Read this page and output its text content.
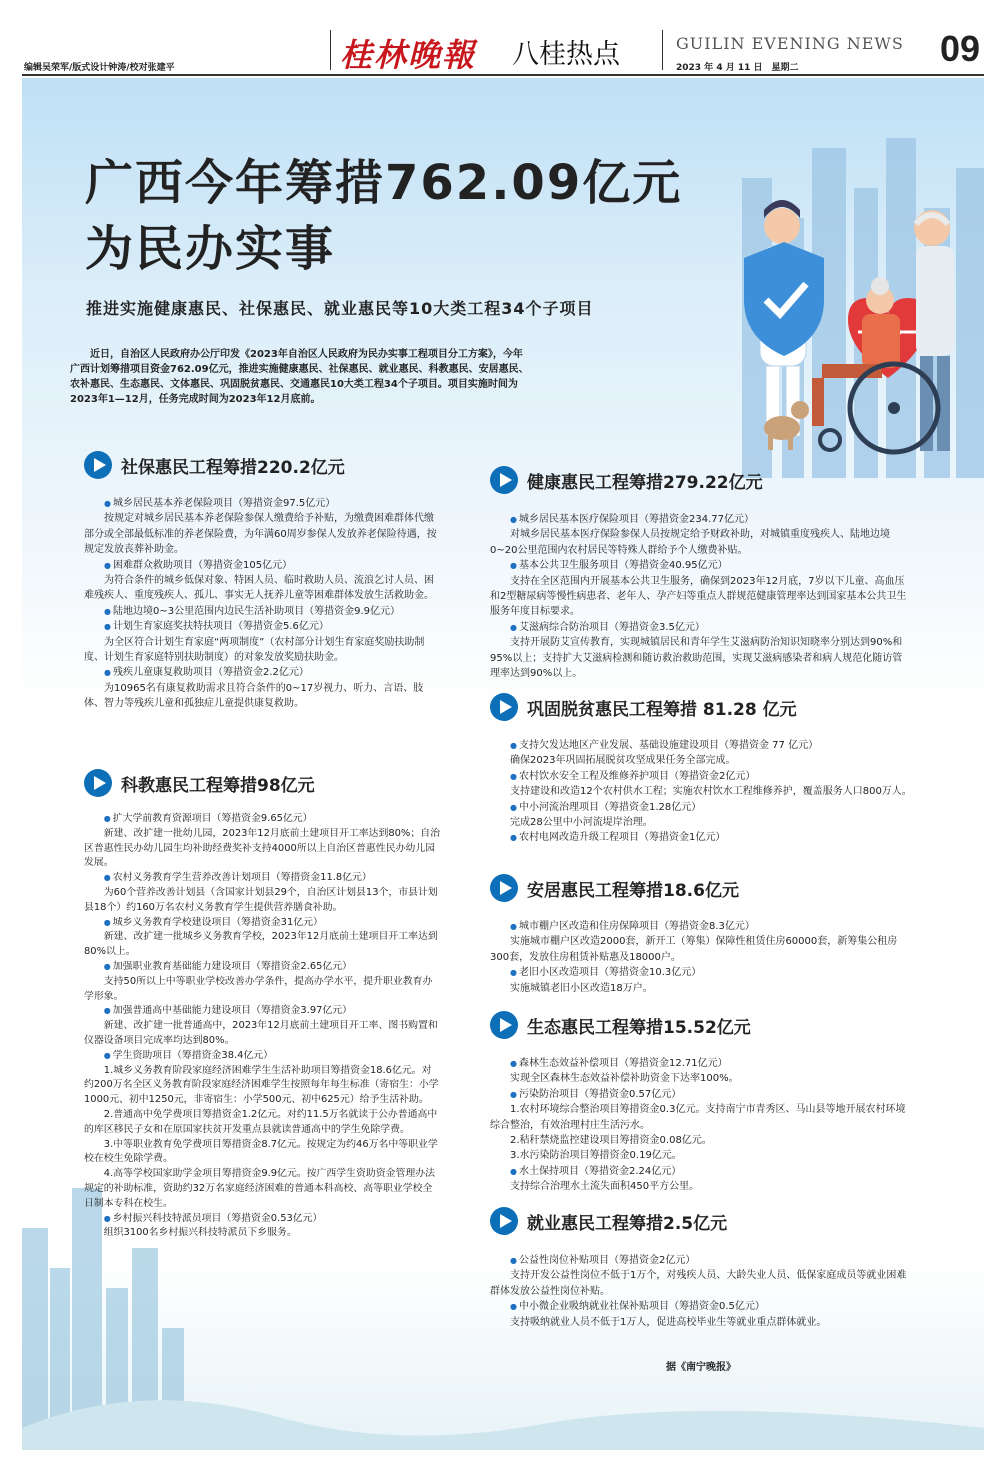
编辑吴荣军/版式设计钟涛/校对张建平	桂林晚報 八桂热点	GUILIN EVENING NEWS
2023 年 4 月 11 日　星期二	09
广西今年筹措762.09亿元
为民办实事
推进实施健康惠民、社保惠民、就业惠民等10大类工程34个子项目
近日，自治区人民政府办公厅印发《2023年自治区人民政府为民办实事工程项目分工方案》，今年广西计划筹措项目资金762.09亿元，推进实施健康惠民、社保惠民、就业惠民、科教惠民、安居惠民、农补惠民、生态惠民、文体惠民、巩固脱贫惠民、交通惠民10大类工程34个子项目。项目实施时间为2023年1—12月，任务完成时间为2023年12月底前。
社保惠民工程筹措220.2亿元
科教惠民工程筹措98亿元
健康惠民工程筹措279.22亿元
巩固脱贫惠民工程筹措 81.28 亿元
安居惠民工程筹措18.6亿元
生态惠民工程筹措15.52亿元
就业惠民工程筹措2.5亿元

● 城乡居民基本养老保险项目（筹措资金97.5亿元）

按规定对城乡居民基本养老保险参保人缴费给予补贴，为缴费困难群体代缴部分或全部最低标准的养老保险费，为年满60周岁参保人发放养老保险待遇，按规定发放丧葬补助金。

● 困难群众救助项目（筹措资金105亿元）

为符合条件的城乡低保对象、特困人员、临时救助人员、流浪乞讨人员、困难残疾人、重度残疾人、孤儿、事实无人抚养儿童等困难群体发放生活救助金。

● 陆地边境0~3公里范围内边民生活补助项目（筹措资金9.9亿元）

● 计划生育家庭奖扶特扶项目（筹措资金5.6亿元）

为全区符合计划生育家庭“两项制度”（农村部分计划生育家庭奖励扶助制度、计划生育家庭特别扶助制度）的对象发放奖励扶助金。

● 残疾儿童康复救助项目（筹措资金2.2亿元）

为10965名有康复救助需求且符合条件的0~17岁视力、听力、言语、肢体、智力等残疾儿童和孤独症儿童提供康复救助。

● 扩大学前教育资源项目（筹措资金9.65亿元）

新建、改扩建一批幼儿园，2023年12月底前土建项目开工率达到80%；自治区普惠性民办幼儿园生均补助经费奖补支持4000所以上自治区普惠性民办幼儿园发展。

● 农村义务教育学生营养改善计划项目（筹措资金11.8亿元）

为60个营养改善计划县（含国家计划县29个，自治区计划县13个，市县计划县18个）约160万名农村义务教育学生提供营养膳食补助。

● 城乡义务教育学校建设项目（筹措资金31亿元）

新建、改扩建一批城乡义务教育学校，2023年12月底前土建项目开工率达到80%以上。

● 加强职业教育基础能力建设项目（筹措资金2.65亿元）

支持50所以上中等职业学校改善办学条件，提高办学水平，提升职业教育办学形象。

● 加强普通高中基础能力建设项目（筹措资金3.97亿元）

新建、改扩建一批普通高中，2023年12月底前土建项目开工率、图书购置和仪器设备项目完成率均达到80%。

● 学生资助项目（筹措资金38.4亿元）

1.城乡义务教育阶段家庭经济困难学生生活补助项目筹措资金18.6亿元。对约200万名全区义务教育阶段家庭经济困难学生按照每年每生标准（寄宿生：小学1000元、初中1250元，非寄宿生：小学500元、初中625元）给予生活补助。

2.普通高中免学费项目筹措资金1.2亿元。对约11.5万名就读于公办普通高中的库区移民子女和在原国家扶贫开发重点县就读普通高中的学生免除学费。

3.中等职业教育免学费项目筹措资金8.7亿元。按规定为约46万名中等职业学校在校生免除学费。

4.高等学校国家助学金项目筹措资金9.9亿元。按广西学生资助资金管理办法规定的补助标准，资助约32万名家庭经济困难的普通本科高校、高等职业学校全日制本专科在校生。

● 乡村振兴科技特派员项目（筹措资金0.53亿元）

组织3100名乡村振兴科技特派员下乡服务。

● 城乡居民基本医疗保险项目（筹措资金234.77亿元）

对城乡居民基本医疗保险参保人员按规定给予财政补助，对城镇重度残疾人、陆地边境0~20公里范围内农村居民等特殊人群给予个人缴费补贴。

● 基本公共卫生服务项目（筹措资金40.95亿元）

支持在全区范围内开展基本公共卫生服务，确保到2023年12月底，7岁以下儿童、高血压和2型糖尿病等慢性病患者、老年人、孕产妇等重点人群规范健康管理率达到国家基本公共卫生服务年度目标要求。

● 艾滋病综合防治项目（筹措资金3.5亿元）

支持开展防艾宣传教育，实现城镇居民和青年学生艾滋病防治知识知晓率分别达到90%和95%以上；支持扩大艾滋病检测和随访救治救助范围，实现艾滋病感染者和病人规范化随访管理率达到90%以上。

● 支持欠发达地区产业发展、基础设施建设项目（筹措资金 77 亿元）

确保2023年巩固拓展脱贫攻坚成果任务全部完成。

● 农村饮水安全工程及维修养护项目（筹措资金2亿元）

支持建设和改造12个农村供水工程；实施农村饮水工程维修养护，覆盖服务人口800万人。

● 中小河流治理项目（筹措资金1.28亿元）

完成28公里中小河流堤岸治理。

● 农村电网改造升级工程项目（筹措资金1亿元）

● 城市棚户区改造和住房保障项目（筹措资金8.3亿元）

实施城市棚户区改造2000套，新开工（筹集）保障性租赁住房60000套，新筹集公租房300套，发放住房租赁补贴惠及18000户。

● 老旧小区改造项目（筹措资金10.3亿元）

实施城镇老旧小区改造18万户。

● 森林生态效益补偿项目（筹措资金12.71亿元）

实现全区森林生态效益补偿补助资金下达率100%。

● 污染防治项目（筹措资金0.57亿元）

1.农村环境综合整治项目筹措资金0.3亿元。支持南宁市青秀区、马山县等地开展农村环境综合整治，有效治理村庄生活污水。

2.秸秆禁烧监控建设项目筹措资金0.08亿元。

3.水污染防治项目筹措资金0.19亿元。

● 水土保持项目（筹措资金2.24亿元）

支持综合治理水土流失面积450平方公里。

● 公益性岗位补贴项目（筹措资金2亿元）

支持开发公益性岗位不低于1万个，对残疾人员、大龄失业人员、低保家庭成员等就业困难群体发放公益性岗位补贴。

● 中小微企业吸纳就业社保补贴项目（筹措资金0.5亿元）

支持吸纳就业人员不低于1万人，促进高校毕业生等就业重点群体就业。

据《南宁晚报》
